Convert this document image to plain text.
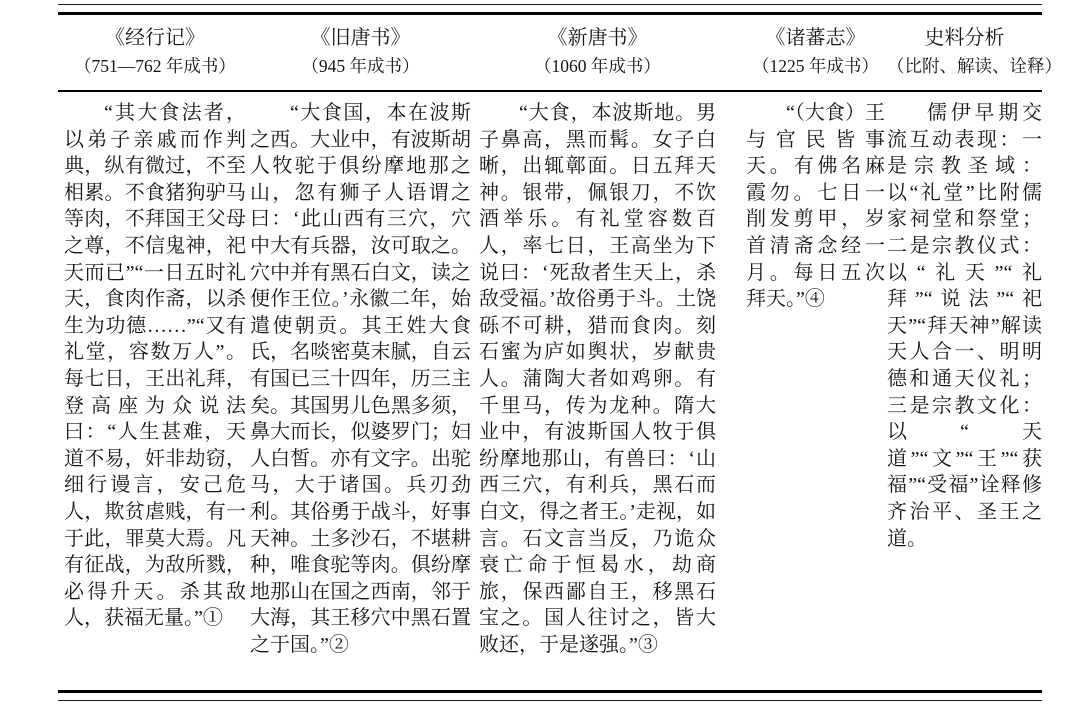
《经行记》
（751—762 年成书）
《旧唐书》
（945 年成书）
《新唐书》
（1060 年成书）
《诸蕃志》
（1225 年成书）
史料分析
（比附、解读、诠释）

“其大食法者，以弟子亲戚而作判典，纵有微过，不至相累。不食猪狗驴马等肉，不拜国王父母之尊，不信鬼神，祀天而已”“一日五时礼天，食肉作斋，以杀生为功德……”“又有礼堂，容数万人”。每七日，王出礼拜，登高座为众说法曰：“人生甚难，天道不易，奸非劫窃，细行谩言，安己危人，欺贫虐贱，有一于此，罪莫大焉。凡有征战，为敌所戮，必得升天。杀其敌人，获福无量。”①

“大食国，本在波斯之西。大业中，有波斯胡人牧驼于俱纷摩地那之山，忽有狮子人语谓之曰：‘此山西有三穴，穴中大有兵器，汝可取之。穴中并有黑石白文，读之便作王位。’永徽二年，始遣使朝贡。其王姓大食氏，名啖密莫末腻，自云有国已三十四年，历三主矣。其国男儿色黑多须，鼻大而长，似婆罗门；妇人白皙。亦有文字。出驼马，大于诸国。兵刃劲利。其俗勇于战斗，好事天神。土多沙石，不堪耕种，唯食驼等肉。俱纷摩地那山在国之西南，邻于大海，其王移穴中黑石置之于国。”②

“大食，本波斯地。男子鼻高，黑而髯。女子白晰，出辄鄣面。日五拜天神。银带，佩银刀，不饮酒举乐。有礼堂容数百人，率七日，王高坐为下说曰：‘死敌者生天上，杀敌受福。’故俗勇于斗。土饶砾不可耕，猎而食肉。刻石蜜为庐如舆状，岁献贵人。蒲陶大者如鸡卵。有千里马，传为龙种。隋大业中，有波斯国人牧于俱纷摩地那山，有兽曰：‘山西三穴，有利兵，黑石而白文，得之者王。’走视，如言。石文言当反，乃诡众衰亡命于恒曷水，劫商旅，保西鄙自王，移黑石宝之。国人往讨之，皆大败还，于是遂强。”③

“（大食）王与官民皆事天。有佛名麻霞勿。七日一削发剪甲，岁首清斋念经一月。每日五次拜天。”④

儒伊早期交流互动表现：一是宗教圣域：以“礼堂”比附儒家祠堂和祭堂；二是宗教仪式：以“礼天”“礼拜”“说法”“祀天”“拜天神”解读天人合一、明明德和通天仪礼；三是宗教文化：以“天道”“文”“王”“获福”“受福”诠释修齐治平、圣王之道。
